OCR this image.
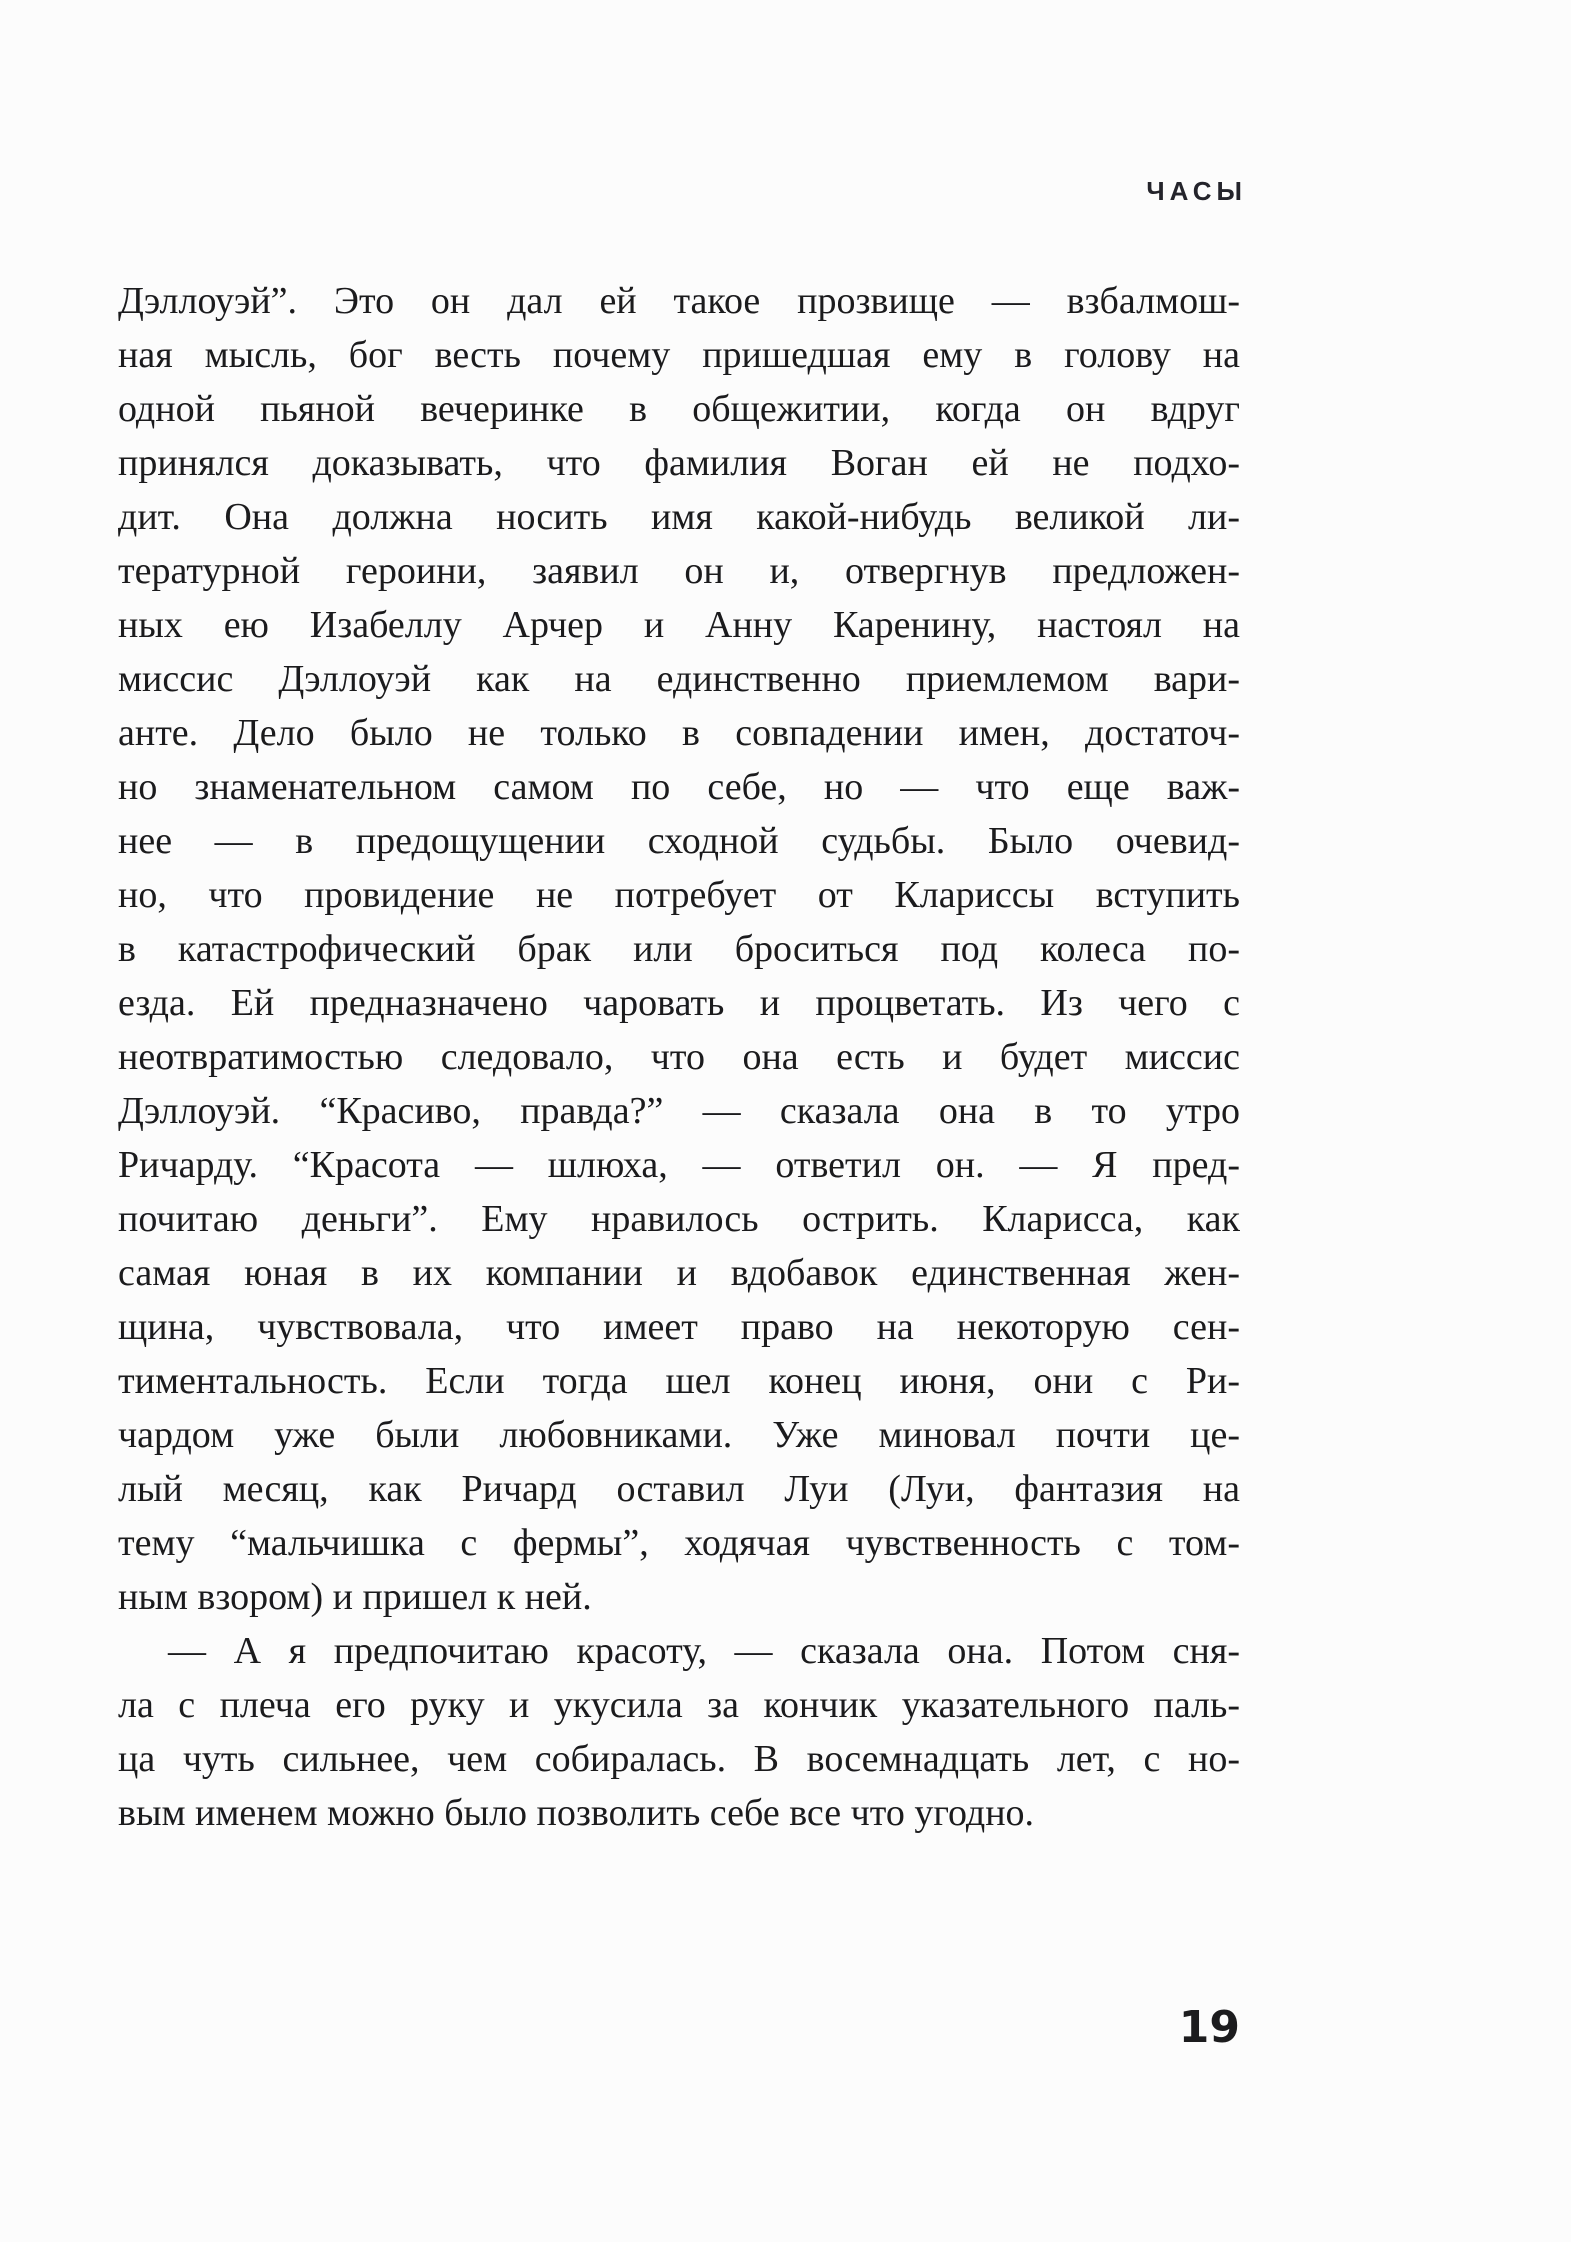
ЧАСЫ
Дэллоуэй”. Это он дал ей такое прозвище — взбалмош-
ная мысль, бог весть почему пришедшая ему в голову на
одной пьяной вечеринке в общежитии, когда он вдруг
принялся доказывать, что фамилия Воган ей не подхо-
дит. Она должна носить имя какой-нибудь великой ли-
тературной героини, заявил он и, отвергнув предложен-
ных ею Изабеллу Арчер и Анну Каренину, настоял на
миссис Дэллоуэй как на единственно приемлемом вари-
анте. Дело было не только в совпадении имен, достаточ-
но знаменательном самом по себе, но — что еще важ-
нее — в предощущении сходной судьбы. Было очевид-
но, что провидение не потребует от Клариссы вступить
в катастрофический брак или броситься под колеса по-
езда. Ей предназначено чаровать и процветать. Из чего с
неотвратимостью следовало, что она есть и будет миссис
Дэллоуэй. “Красиво, правда?” — сказала она в то утро
Ричарду. “Красота — шлюха, — ответил он. — Я пред-
почитаю деньги”. Ему нравилось острить. Кларисса, как
самая юная в их компании и вдобавок единственная жен-
щина, чувствовала, что имеет право на некоторую сен-
тиментальность. Если тогда шел конец июня, они с Ри-
чардом уже были любовниками. Уже миновал почти це-
лый месяц, как Ричард оставил Луи (Луи, фантазия на
тему “мальчишка с фермы”, ходячая чувственность с том-
ным взором) и пришел к ней.
— А я предпочитаю красоту, — сказала она. Потом сня-
ла с плеча его руку и укусила за кончик указательного паль-
ца чуть сильнее, чем собиралась. В восемнадцать лет, с но-
вым именем можно было позволить себе все что угодно.
19
